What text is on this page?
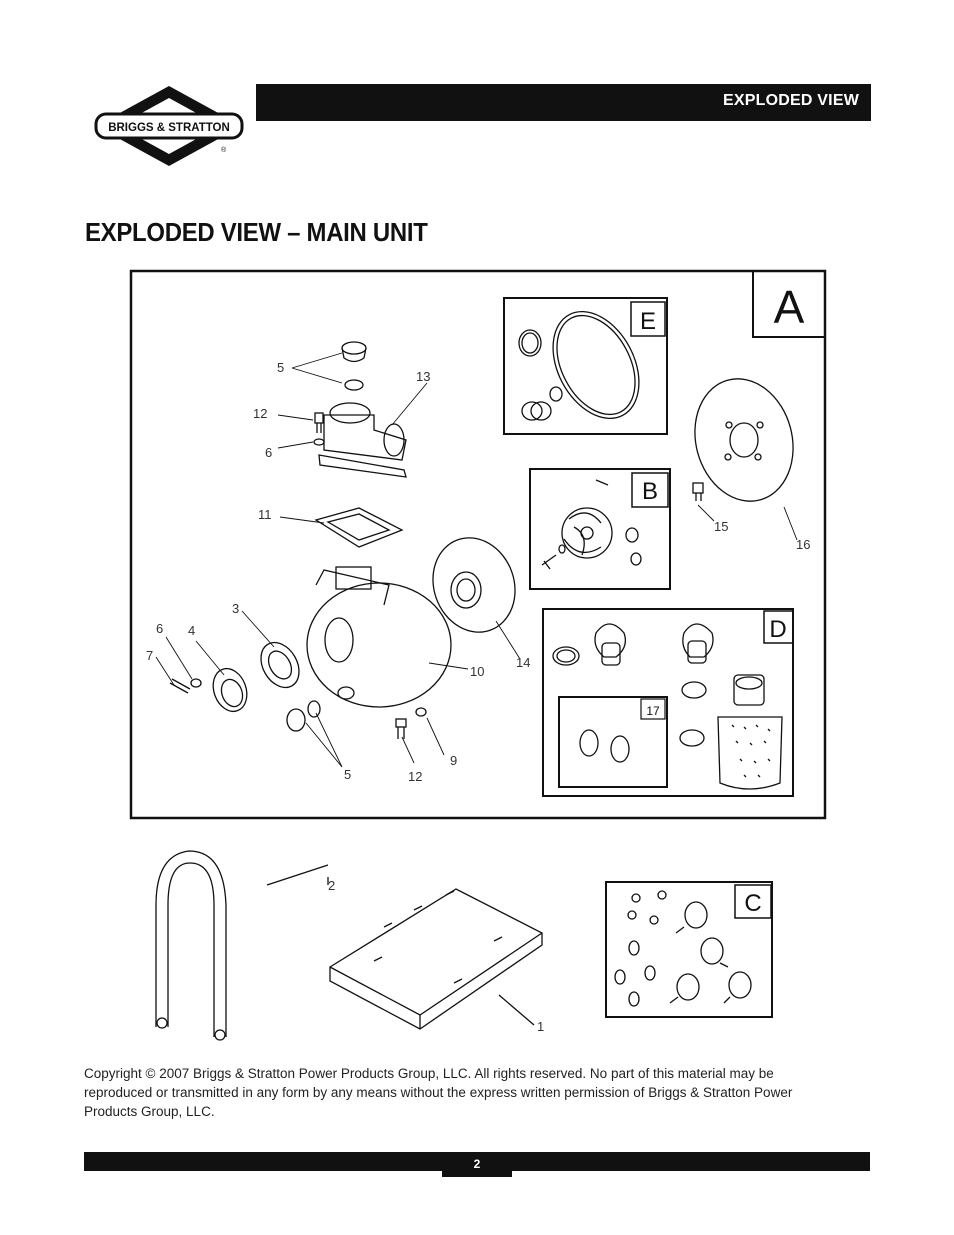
EXPLODED VIEW
BRIGGS & STRATTON
®
EXPLODED VIEW – MAIN UNIT
A
E
B
D
17
C
5
13
12
6
11
3
6 4
7
10
14
15
16
9
12
5
2
1
Copyright © 2007 Briggs & Stratton Power Products Group, LLC. All rights reserved. No part of this material may be reproduced or transmitted in any form by any means without the express written permission of Briggs & Stratton Power Products Group, LLC.
2
